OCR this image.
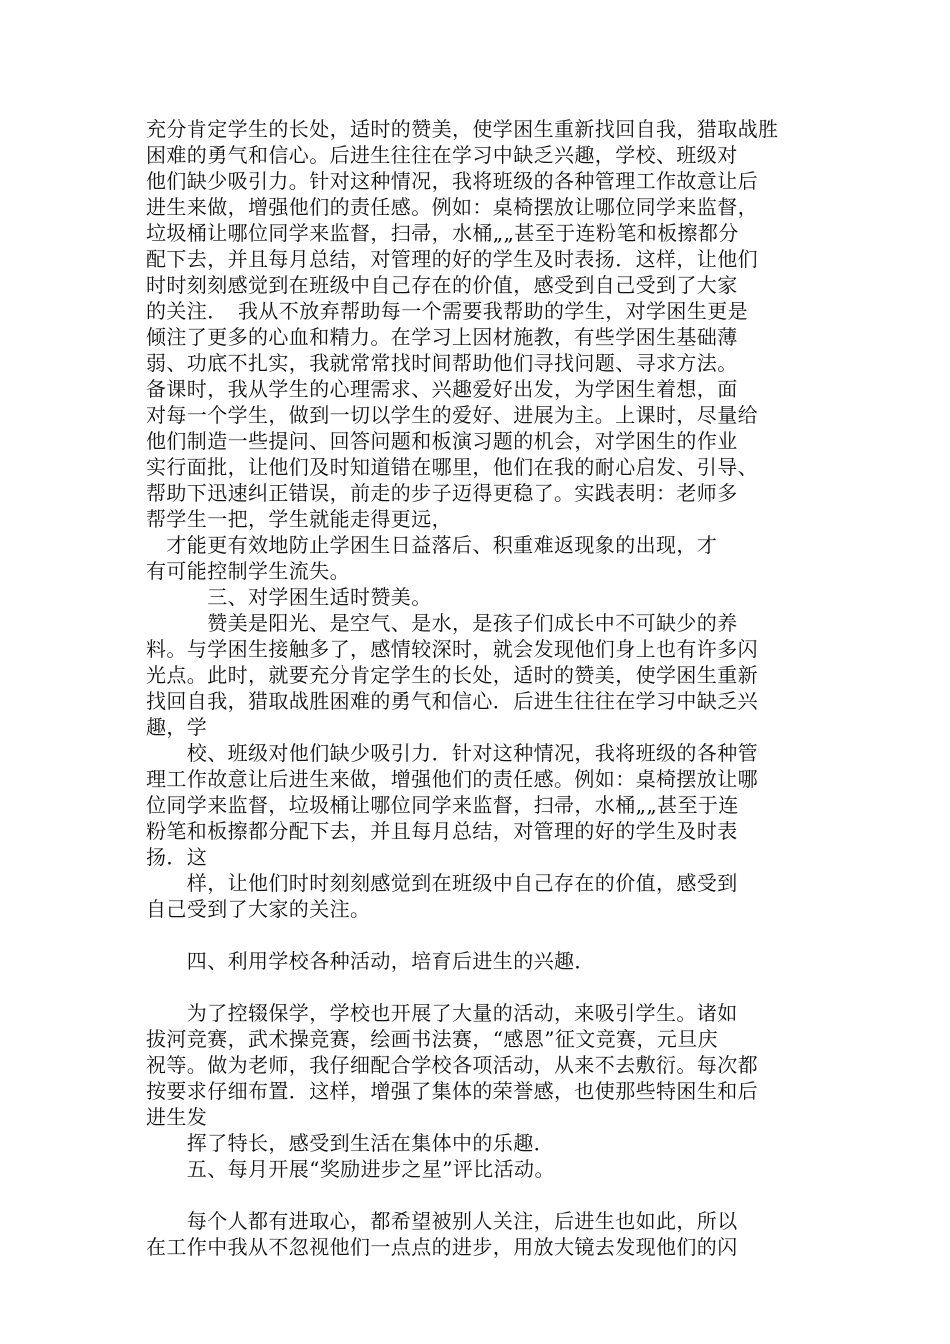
充分肯定学生的长处，适时的赞美，使学困生重新找回自我，猎取战胜
困难的勇气和信心。后进生往往在学习中缺乏兴趣，学校、班级对
他们缺少吸引力。针对这种情况，我将班级的各种管理工作故意让后
进生来做，增强他们的责任感。例如：桌椅摆放让哪位同学来监督，
垃圾桶让哪位同学来监督，扫帚，水桶„„甚至于连粉笔和板擦都分
配下去，并且每月总结，对管理的好的学生及时表扬．这样，让他们
时时刻刻感觉到在班级中自己存在的价值，感受到自己受到了大家
的关注．　我从不放弃帮助每一个需要我帮助的学生，对学困生更是
倾注了更多的心血和精力。在学习上因材施教，有些学困生基础薄
弱、功底不扎实，我就常常找时间帮助他们寻找问题、寻求方法。
备课时，我从学生的心理需求、兴趣爱好出发，为学困生着想，面
对每一个学生，做到一切以学生的爱好、进展为主。上课时，尽量给
他们制造一些提问、回答问题和板演习题的机会，对学困生的作业
实行面批，让他们及时知道错在哪里，他们在我的耐心启发、引导、
帮助下迅速纠正错误，前走的步子迈得更稳了。实践表明：老师多
帮学生一把，学生就能走得更远，
　才能更有效地防止学困生日益落后、积重难返现象的出现，才
有可能控制学生流失。
　　　三、对学困生适时赞美。
　　　赞美是阳光、是空气、是水，是孩子们成长中不可缺少的养
料。与学困生接触多了，感情较深时，就会发现他们身上也有许多闪
光点。此时，就要充分肯定学生的长处，适时的赞美，使学困生重新
找回自我，猎取战胜困难的勇气和信心．后进生往往在学习中缺乏兴
趣，学
　　校、班级对他们缺少吸引力．针对这种情况，我将班级的各种管
理工作故意让后进生来做，增强他们的责任感。例如：桌椅摆放让哪
位同学来监督，垃圾桶让哪位同学来监督，扫帚，水桶„„甚至于连
粉笔和板擦都分配下去，并且每月总结，对管理的好的学生及时表
扬．这
　　样，让他们时时刻刻感觉到在班级中自己存在的价值，感受到
自己受到了大家的关注。
　　四、利用学校各种活动，培育后进生的兴趣．
　　为了控辍保学，学校也开展了大量的活动，来吸引学生。诸如
拔河竞赛，武术操竞赛，绘画书法赛，“感恩”征文竞赛，元旦庆
祝等。做为老师，我仔细配合学校各项活动，从来不去敷衍。每次都
按要求仔细布置．这样，增强了集体的荣誉感，也使那些特困生和后
进生发
　　挥了特长，感受到生活在集体中的乐趣．
　　五、每月开展“奖励进步之星”评比活动。
　　每个人都有进取心，都希望被别人关注，后进生也如此，所以
在工作中我从不忽视他们一点点的进步，用放大镜去发现他们的闪
